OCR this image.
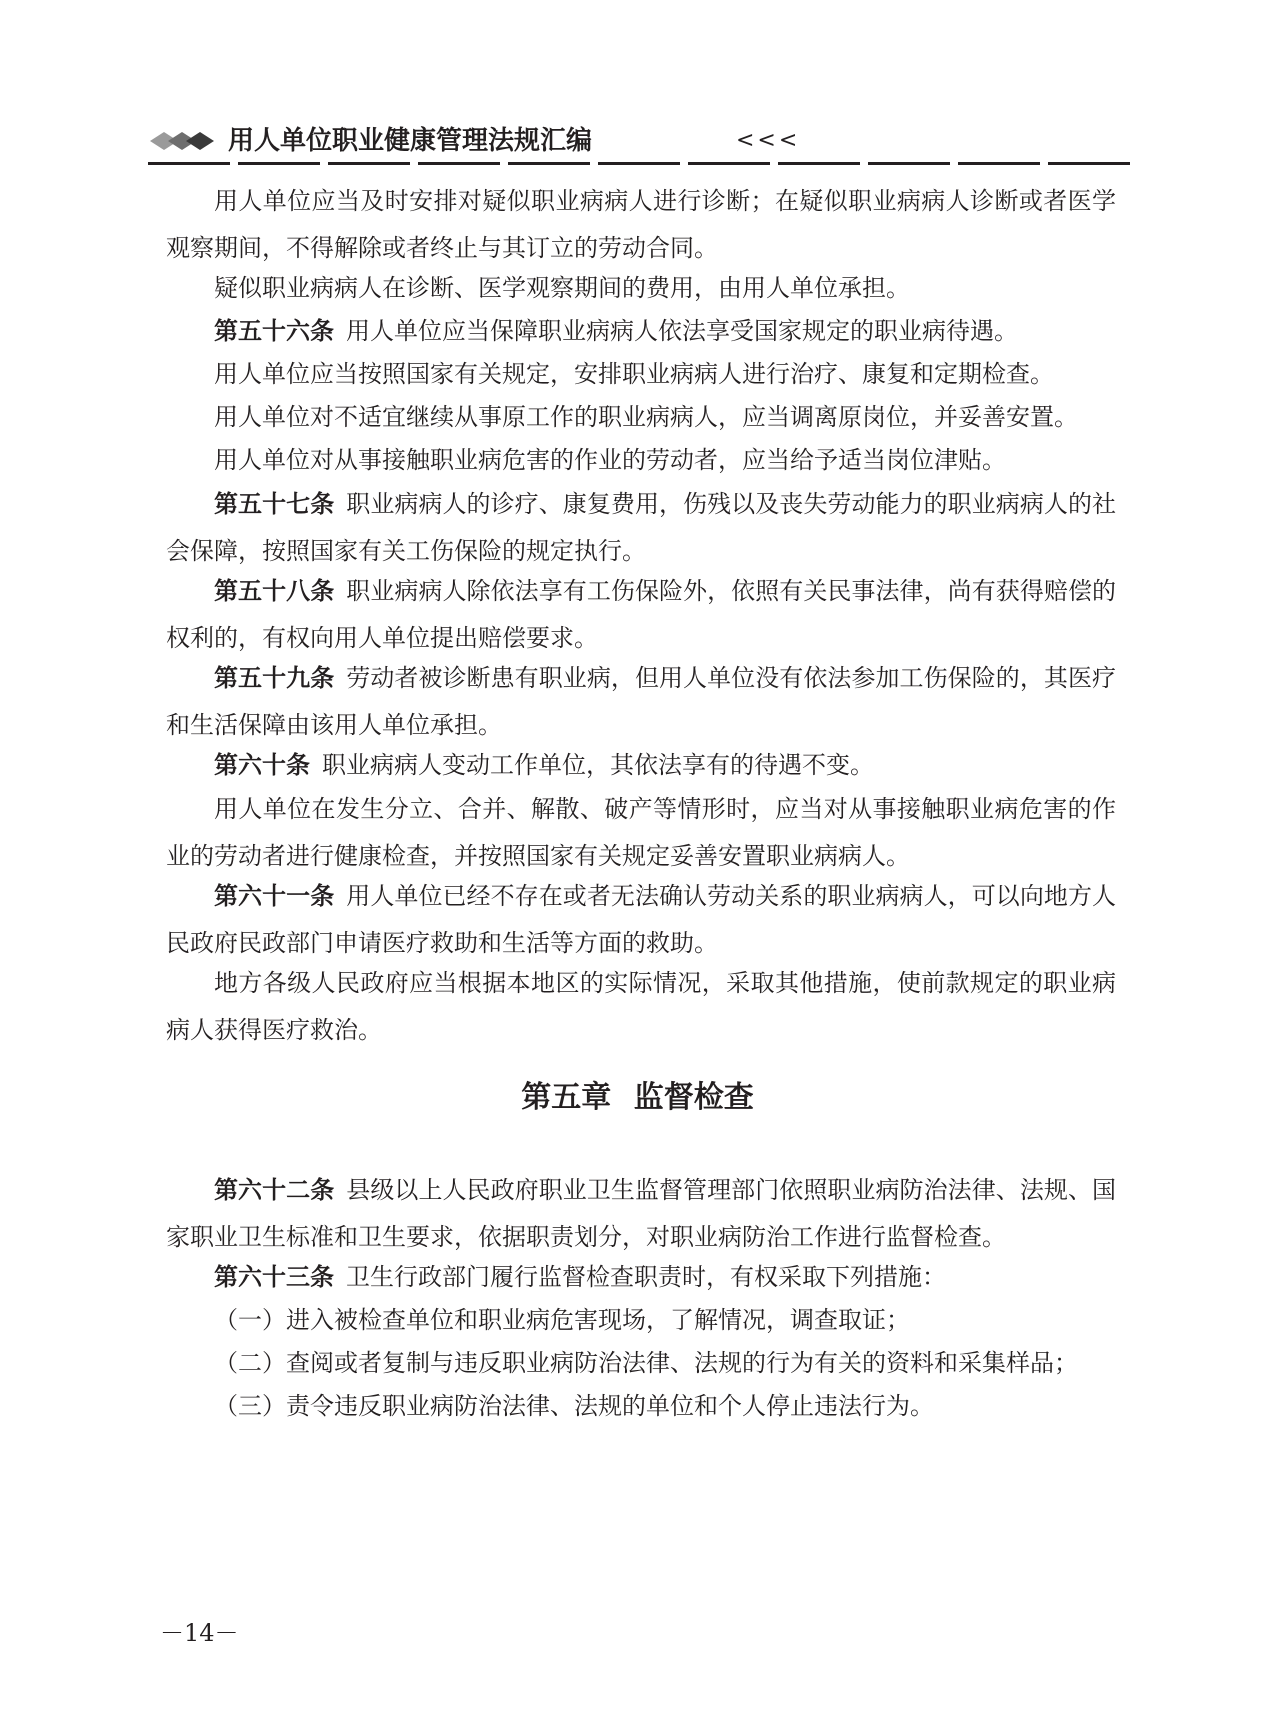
用人单位职业健康管理法规汇编	<<<

用人单位应当及时安排对疑似职业病病人进行诊断；在疑似职业病病人诊断或者医学观察期间，不得解除或者终止与其订立的劳动合同。

疑似职业病病人在诊断、医学观察期间的费用，由用人单位承担。

第五十六条 用人单位应当保障职业病病人依法享受国家规定的职业病待遇。

用人单位应当按照国家有关规定，安排职业病病人进行治疗、康复和定期检查。

用人单位对不适宜继续从事原工作的职业病病人，应当调离原岗位，并妥善安置。

用人单位对从事接触职业病危害的作业的劳动者，应当给予适当岗位津贴。

第五十七条 职业病病人的诊疗、康复费用，伤残以及丧失劳动能力的职业病病人的社会保障，按照国家有关工伤保险的规定执行。

第五十八条 职业病病人除依法享有工伤保险外，依照有关民事法律，尚有获得赔偿的权利的，有权向用人单位提出赔偿要求。

第五十九条 劳动者被诊断患有职业病，但用人单位没有依法参加工伤保险的，其医疗和生活保障由该用人单位承担。

第六十条 职业病病人变动工作单位，其依法享有的待遇不变。

用人单位在发生分立、合并、解散、破产等情形时，应当对从事接触职业病危害的作业的劳动者进行健康检查，并按照国家有关规定妥善安置职业病病人。

第六十一条 用人单位已经不存在或者无法确认劳动关系的职业病病人，可以向地方人民政府民政部门申请医疗救助和生活等方面的救助。

地方各级人民政府应当根据本地区的实际情况，采取其他措施，使前款规定的职业病病人获得医疗救治。

第五章 监督检查

第六十二条 县级以上人民政府职业卫生监督管理部门依照职业病防治法律、法规、国家职业卫生标准和卫生要求，依据职责划分，对职业病防治工作进行监督检查。

第六十三条 卫生行政部门履行监督检查职责时，有权采取下列措施：

（一）进入被检查单位和职业病危害现场，了解情况，调查取证；

（二）查阅或者复制与违反职业病防治法律、法规的行为有关的资料和采集样品；

（三）责令违反职业病防治法律、法规的单位和个人停止违法行为。

－14－
